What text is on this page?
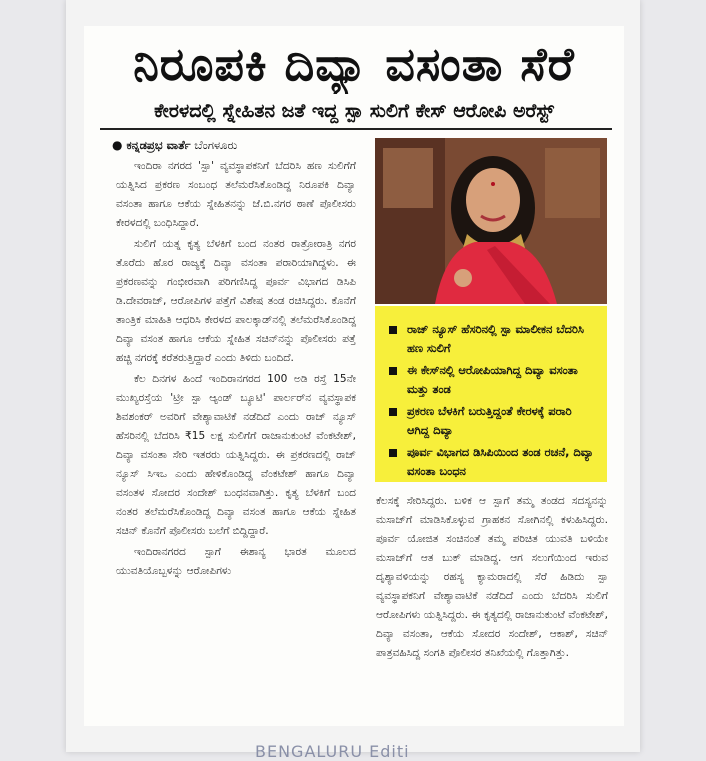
ನಿರೂಪಕಿ ದಿವ್ಯಾ ವಸಂತಾ ಸೆರೆ
ಕೇರಳದಲ್ಲಿ ಸ್ನೇಹಿತನ ಜತೆ ಇದ್ದ ಸ್ಪಾ ಸುಲಿಗೆ ಕೇಸ್ ಆರೋಪಿ ಅರೆಸ್ಟ್
● ಕನ್ನಡಪ್ರಭ ವಾರ್ತೆ ಬೆಂಗಳೂರು

ಇಂದಿರಾ ನಗರದ 'ಸ್ಪಾ' ವ್ಯವಸ್ಥಾಪಕನಿಗೆ ಬೆದರಿಸಿ ಹಣ ಸುಲಿಗೆಗೆ ಯತ್ನಿಸಿದ ಪ್ರಕರಣ ಸಂಬಂಧ ತಲೆಮರೆಸಿಕೊಂಡಿದ್ದ ನಿರೂಪಕಿ ದಿವ್ಯಾ ವಸಂತಾ ಹಾಗೂ ಆಕೆಯ ಸ್ನೇಹಿತನನ್ನು ಜೆ.ಬಿ.ನಗರ ಠಾಣೆ ಪೊಲೀಸರು ಕೇರಳದಲ್ಲಿ ಬಂಧಿಸಿದ್ದಾರೆ.

ಸುಲಿಗೆ ಯತ್ನ ಕೃತ್ಯ ಬೆಳಕಿಗೆ ಬಂದ ನಂತರ ರಾತ್ರೋರಾತ್ರಿ ನಗರ ತೊರೆದು ಹೊರ ರಾಜ್ಯಕ್ಕೆ ದಿವ್ಯಾ ವಸಂತಾ ಪರಾರಿಯಾಗಿದ್ದಳು. ಈ ಪ್ರಕರಣವನ್ನು ಗಂಭೀರವಾಗಿ ಪರಿಗಣಿಸಿದ್ದ ಪೂರ್ವ ವಿಭಾಗದ ಡಿಸಿಪಿ ಡಿ.ದೇವರಾಜ್, ಆರೋಪಿಗಳ ಪತ್ತೆಗೆ ವಿಶೇಷ ತಂಡ ರಚಿಸಿದ್ದರು. ಕೊನೆಗೆ ತಾಂತ್ರಿಕ ಮಾಹಿತಿ ಆಧರಿಸಿ ಕೇರಳದ ಪಾಲಕ್ಕಾಡ್‌ನಲ್ಲಿ ತಲೆಮರೆಸಿಕೊಂಡಿದ್ದ ದಿವ್ಯಾ ವಸಂತ ಹಾಗೂ ಆಕೆಯ ಸ್ನೇಹಿತ ಸಚಿನ್‌ನನ್ನು ಪೊಲೀಸರು ಪತ್ತೆ ಹಚ್ಚಿ ನಗರಕ್ಕೆ ಕರೆತರುತ್ತಿದ್ದಾರೆ ಎಂದು ತಿಳಿದು ಬಂದಿದೆ.

ಕೆಲ ದಿನಗಳ ಹಿಂದೆ ಇಂದಿರಾನಗರದ 100 ಅಡಿ ರಸ್ತೆ 15ನೇ ಮುಖ್ಯರಸ್ತೆಯ 'ಟ್ರೀ ಸ್ಪಾ ಆ್ಯಂಡ್ ಬ್ಯೂಟಿ' ಪಾರ್ಲರ್‌ನ ವ್ಯವಸ್ಥಾಪಕ ಶಿವಶಂಕರ್ ಅವರಿಗೆ ವೇಶ್ಯಾವಾಟಿಕೆ ನಡೆದಿದೆ ಎಂದು ರಾಜ್ ನ್ಯೂಸ್ ಹೆಸರಿನಲ್ಲಿ ಬೆದರಿಸಿ ₹15 ಲಕ್ಷ ಸುಲಿಗೆಗೆ ರಾಜಾನುಕುಂಟೆ ವೆಂಕಟೇಶ್, ದಿವ್ಯಾ ವಸಂತಾ ಸೇರಿ ಇತರರು ಯತ್ನಿಸಿದ್ದರು. ಈ ಪ್ರಕರಣದಲ್ಲಿ ರಾಜ್ ನ್ಯೂಸ್ ಸಿಇಒ ಎಂದು ಹೇಳಿಕೊಂಡಿದ್ದ ವೆಂಕಟೇಶ್ ಹಾಗೂ ದಿವ್ಯಾ ವಸಂತಳ ಸೋದರ ಸಂದೇಶ್ ಬಂಧನವಾಗಿತ್ತು. ಕೃತ್ಯ ಬೆಳಕಿಗೆ ಬಂದ ನಂತರ ತಲೆಮರೆಸಿಕೊಂಡಿದ್ದ ದಿವ್ಯಾ ವಸಂತ ಹಾಗೂ ಆಕೆಯ ಸ್ನೇಹಿತ ಸಚಿನ್ ಕೊನೆಗೆ ಪೊಲೀಸರು ಬಲೆಗೆ ಬಿದ್ದಿದ್ದಾರೆ.

ಇಂದಿರಾನಗರದ ಸ್ಪಾಗೆ ಈಶಾನ್ಯ ಭಾರತ ಮೂಲದ ಯುವತಿಯೊಬ್ಬಳನ್ನು ಆರೋಪಿಗಳು

ರಾಜ್ ನ್ಯೂಸ್ ಹೆಸರಿನಲ್ಲಿ ಸ್ಪಾ ಮಾಲೀಕನ ಬೆದರಿಸಿ ಹಣ ಸುಲಿಗೆ
ಈ ಕೇಸ್‌ನಲ್ಲಿ ಆರೋಪಿಯಾಗಿದ್ದ ದಿವ್ಯಾ ವಸಂತಾ ಮತ್ತು ತಂಡ
ಪ್ರಕರಣ ಬೆಳಕಿಗೆ ಬರುತ್ತಿದ್ದಂತೆ ಕೇರಳಕ್ಕೆ ಪರಾರಿ ಆಗಿದ್ದ ದಿವ್ಯಾ
ಪೂರ್ವ ವಿಭಾಗದ ಡಿಸಿಪಿಯಿಂದ ತಂಡ ರಚನೆ, ದಿವ್ಯಾ ವಸಂತಾ ಬಂಧನ

ಕೆಲಸಕ್ಕೆ ಸೇರಿಸಿದ್ದರು. ಬಳಿಕ ಆ ಸ್ಪಾಗೆ ತಮ್ಮ ತಂಡದ ಸದಸ್ಯನನ್ನು ಮಸಾಜ್‌ಗೆ ಮಾಡಿಸಿಕೊಳ್ಳುವ ಗ್ರಾಹಕನ ಸೋಗಿನಲ್ಲಿ ಕಳುಹಿಸಿದ್ದರು. ಪೂರ್ವ ಯೋಜಿತ ಸಂಚಿನಂತೆ ತಮ್ಮ ಪರಿಚಿತ ಯುವತಿ ಬಳಿಯೇ ಮಸಾಜ್‌ಗೆ ಆತ ಬುಕ್ ಮಾಡಿದ್ದ. ಆಗ ಸಲುಗೆಯಿಂದ ಇರುವ ದೃಶ್ಯಾವಳಿಯನ್ನು ರಹಸ್ಯ ಕ್ಯಾಮರಾದಲ್ಲಿ ಸೆರೆ ಹಿಡಿದು ಸ್ಪಾ ವ್ಯವಸ್ಥಾಪಕನಿಗೆ ವೇಶ್ಯಾವಾಟಿಕೆ ನಡೆದಿದೆ ಎಂದು ಬೆದರಿಸಿ ಸುಲಿಗೆ ಆರೋಪಿಗಳು ಯತ್ನಿಸಿದ್ದರು. ಈ ಕೃತ್ಯದಲ್ಲಿ ರಾಜಾನುಕುಂಟೆ ವೆಂಕಟೇಶ್, ದಿವ್ಯಾ ವಸಂತಾ, ಆಕೆಯ ಸೋದರ ಸಂದೇಶ್, ಆಕಾಶ್, ಸಚಿನ್ ಪಾತ್ರವಹಿಸಿದ್ದ ಸಂಗತಿ ಪೊಲೀಸರ ತನಿಖೆಯಲ್ಲಿ ಗೊತ್ತಾಗಿತ್ತು.

BENGALURU Editi
